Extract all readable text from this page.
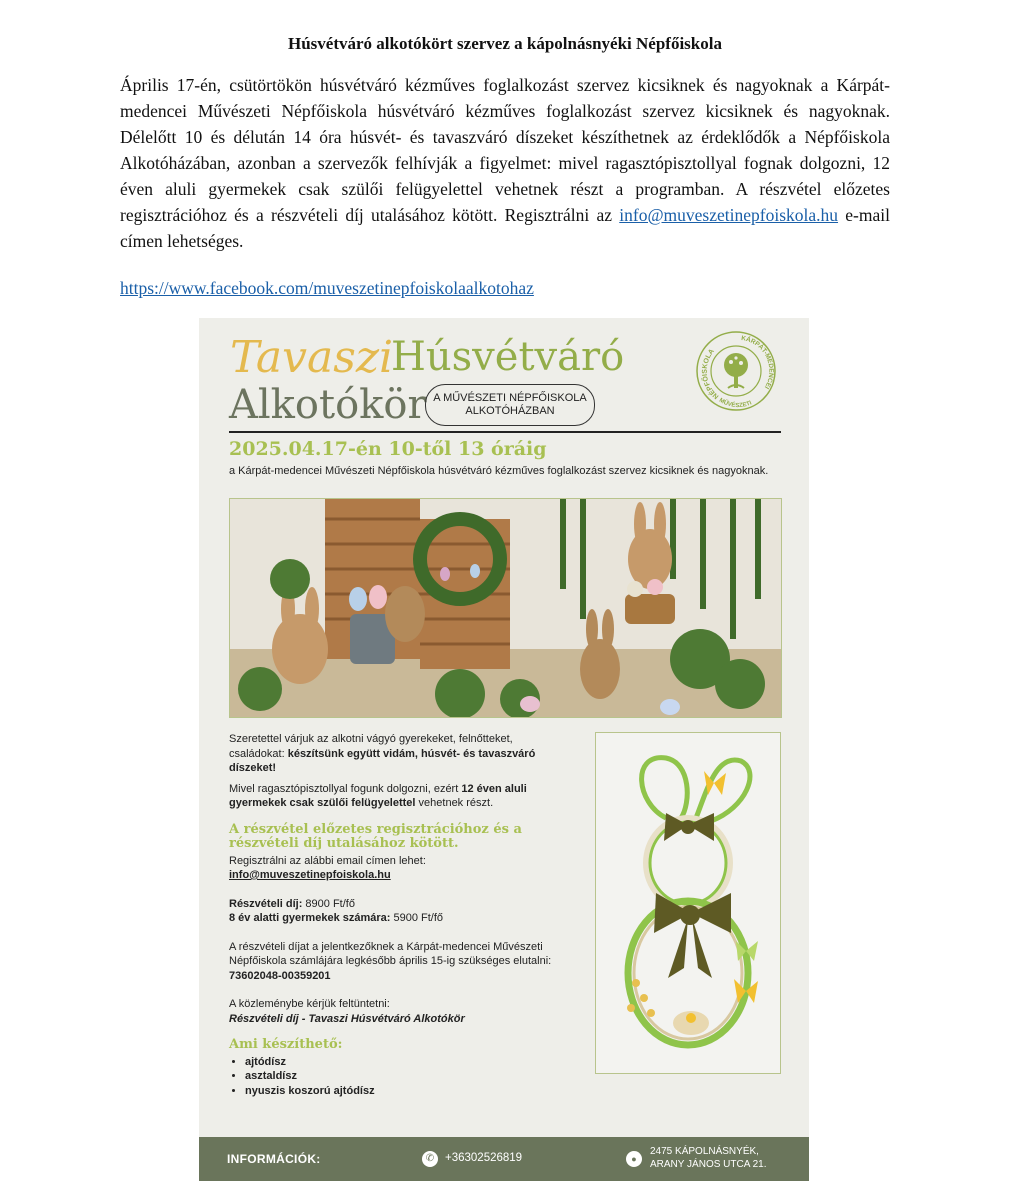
Húsvétváró alkotókört szervez a kápolnásnyéki Népfőiskola
Április 17-én, csütörtökön húsvétváró kézműves foglalkozást szervez kicsiknek és nagyoknak a Kárpát-medencei Művészeti Népfőiskola húsvétváró kézműves foglalkozást szervez kicsiknek és nagyoknak. Délelőtt 10 és délután 14 óra húsvét- és tavaszváró díszeket készíthetnek az érdeklődők a Népfőiskola Alkotóházában, azonban a szervezők felhívják a figyelmet: mivel ragasztópisztollyal fognak dolgozni, 12 éven aluli gyermekek csak szülői felügyelettel vehetnek részt a programban. A részvétel előzetes regisztrációhoz és a részvételi díj utalásához kötött. Regisztrálni az info@muveszetinepfoiskola.hu e-mail címen lehetséges.
https://www.facebook.com/muveszetinepfoiskolaalkotohaz
Tavaszi
Húsvétváró
Alkotókör A MŰVÉSZETI NÉPFŐISKOLA
ALKOTÓHÁZBAN
NÉPFŐISKOLA
KÁRPÁT-MEDENCEI
MŰVÉSZETI
2025.04.17-én 10-től 13 óráig
a Kárpát-medencei Művészeti Népfőiskola húsvétváró kézműves foglalkozást szervez kicsiknek és nagyoknak.

Szeretettel várjuk az alkotni vágyó gyerekeket, felnőtteket, családokat: készítsünk együtt vidám, húsvét- és tavaszváró díszeket!

Mivel ragasztópisztollyal fogunk dolgozni, ezért 12 éven aluli gyermekek csak szülői felügyelettel vehetnek részt.

A részvétel előzetes regisztrációhoz és a részvételi díj utalásához kötött.
Regisztrálni az alábbi email címen lehet:
info@muveszetinepfoiskola.hu
Részvételi díj: 8900 Ft/fő
8 év alatti gyermekek számára: 5900 Ft/fő
A részvételi díjat a jelentkezőknek a Kárpát-medencei Művészeti Népfőiskola számlájára legkésőbb április 15-ig szükséges elutalni: 73602048-00359201
A közleménybe kérjük feltüntetni:
Részvételi díj - Tavaszi Húsvétváró Alkotókör
Ami készíthető:
• ajtódísz
• asztaldísz
• nyuszis koszorú ajtódísz
INFORMÁCIÓK:	✆ +36302526819	●
2475 KÁPOLNÁSNYÉK,
ARANY JÁNOS UTCA 21.
